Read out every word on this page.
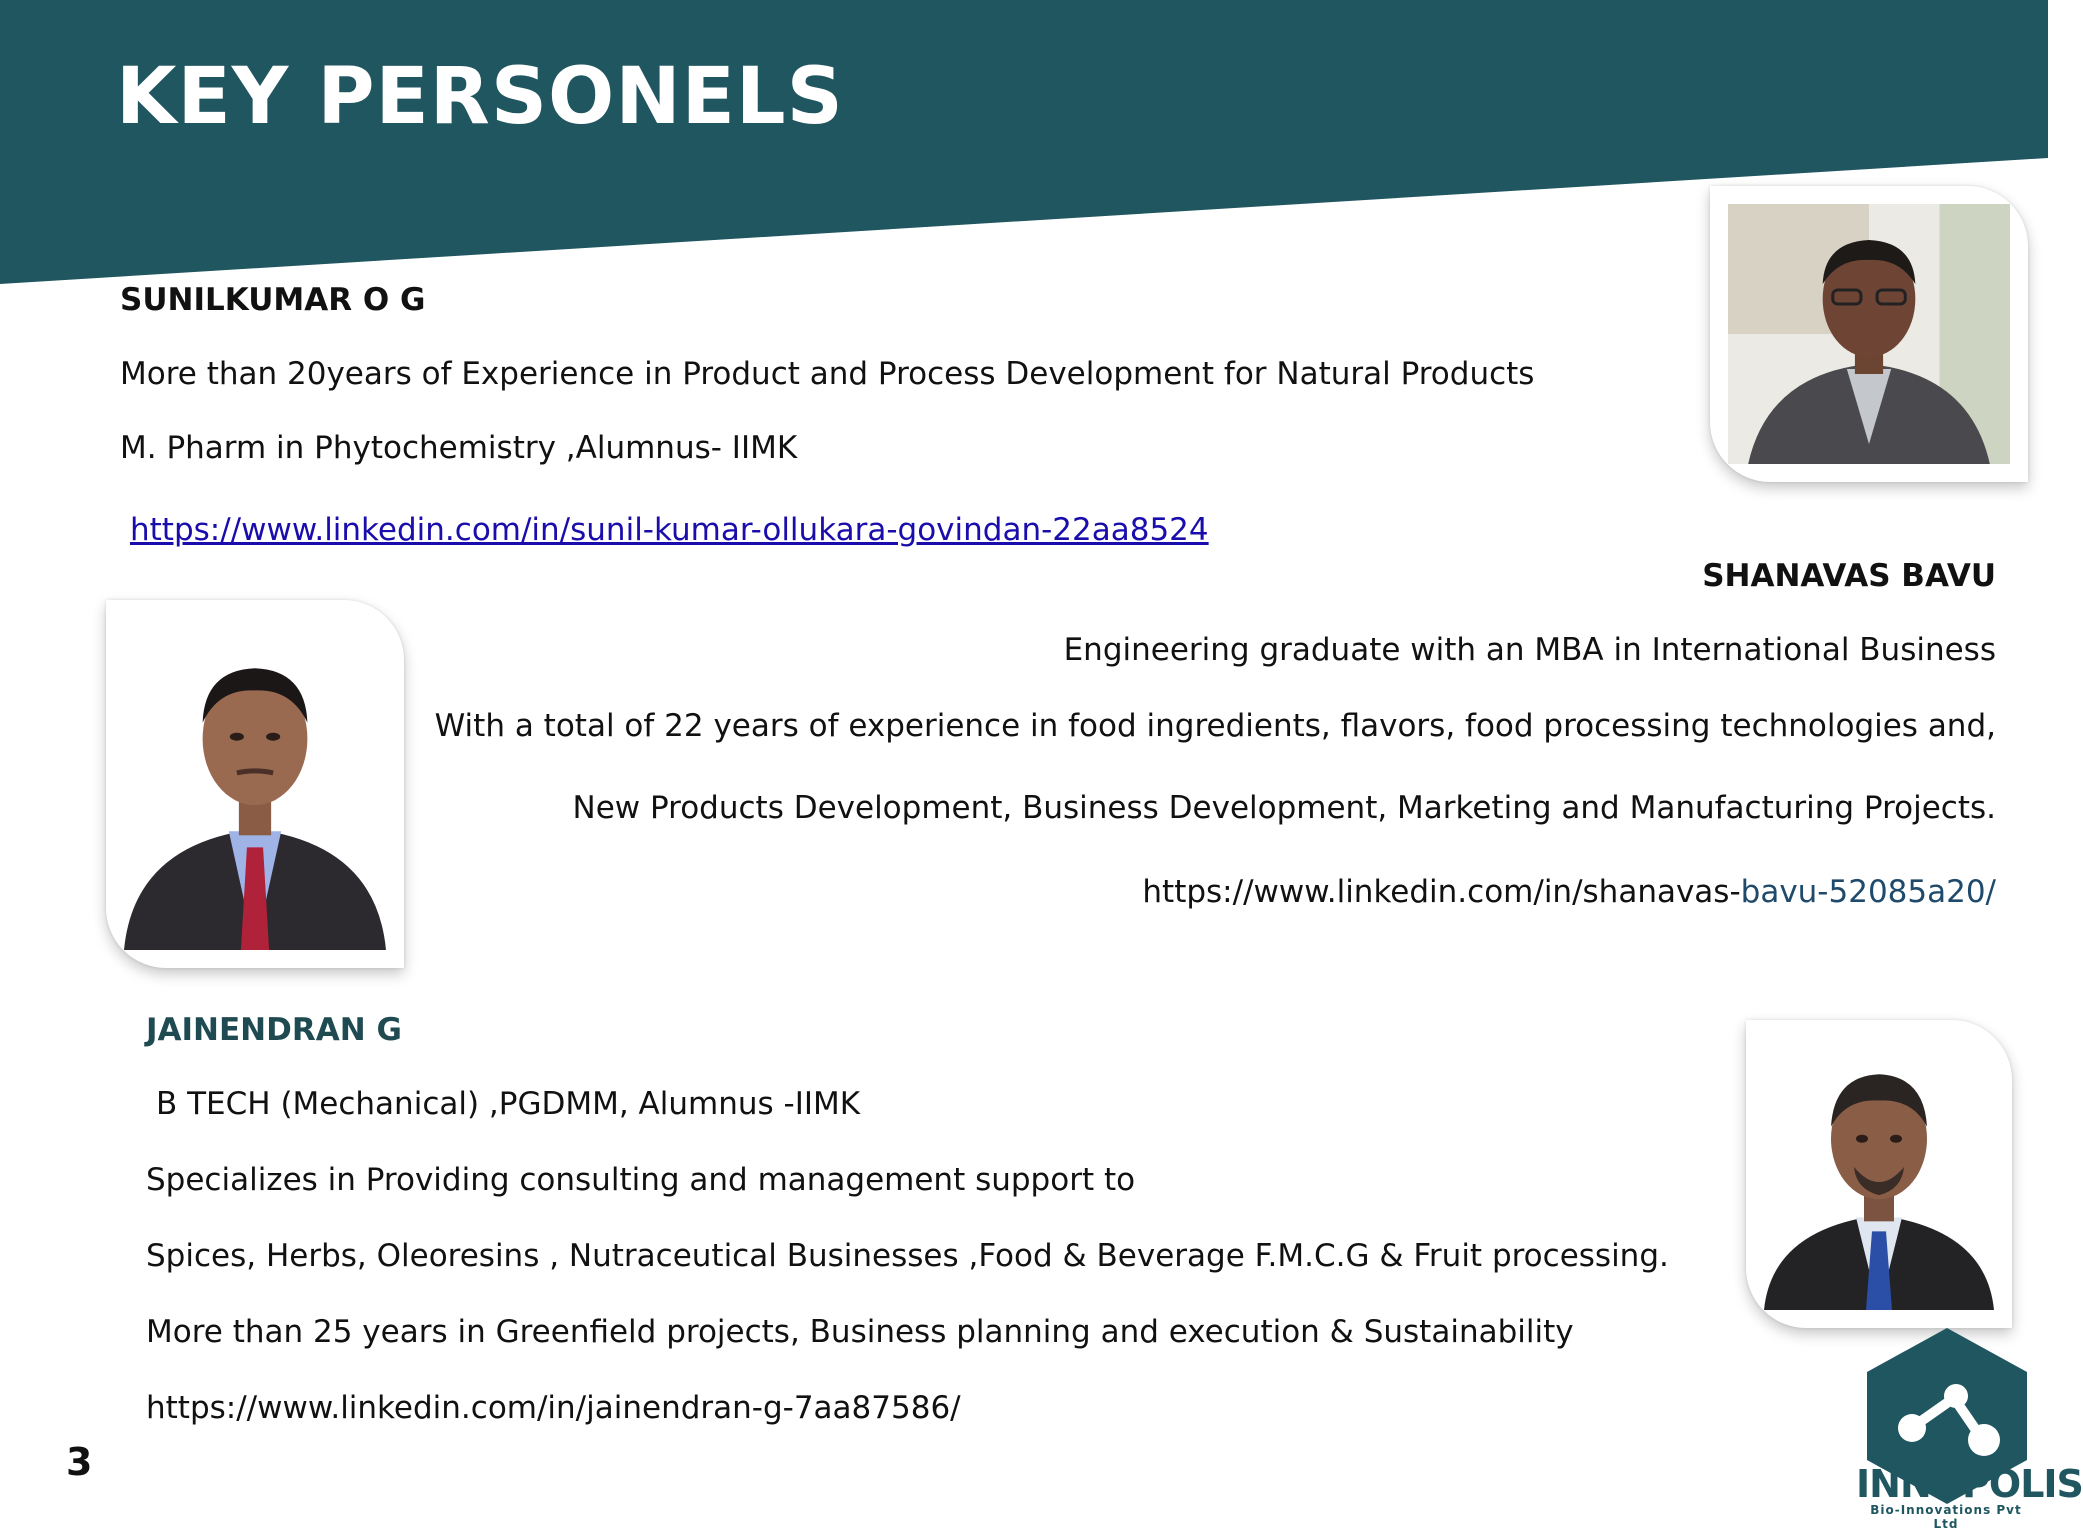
KEY PERSONELS

SUNILKUMAR O G

More than 20years of Experience in Product and Process Development for Natural Products

M. Pharm in Phytochemistry ,Alumnus- IIMK

https://www.linkedin.com/in/sunil-kumar-ollukara-govindan-22aa8524

SHANAVAS BAVU

Engineering graduate with an MBA in International Business

With a total of 22 years of experience in food ingredients, flavors, food processing technologies and,

New Products Development, Business Development, Marketing and Manufacturing Projects.

https://www.linkedin.com/in/shanavas-bavu-52085a20/

JAINENDRAN G

B TECH (Mechanical) ,PGDMM, Alumnus -IIMK

Specializes in Providing consulting and management support to

Spices, Herbs, Oleoresins , Nutraceutical Businesses ,Food & Beverage F.M.C.G & Fruit processing.

More than 25 years in Greenfield projects, Business planning and execution & Sustainability

https://www.linkedin.com/in/jainendran-g-7aa87586/

3	INNOPOLIS

Bio-Innovations Pvt Ltd
